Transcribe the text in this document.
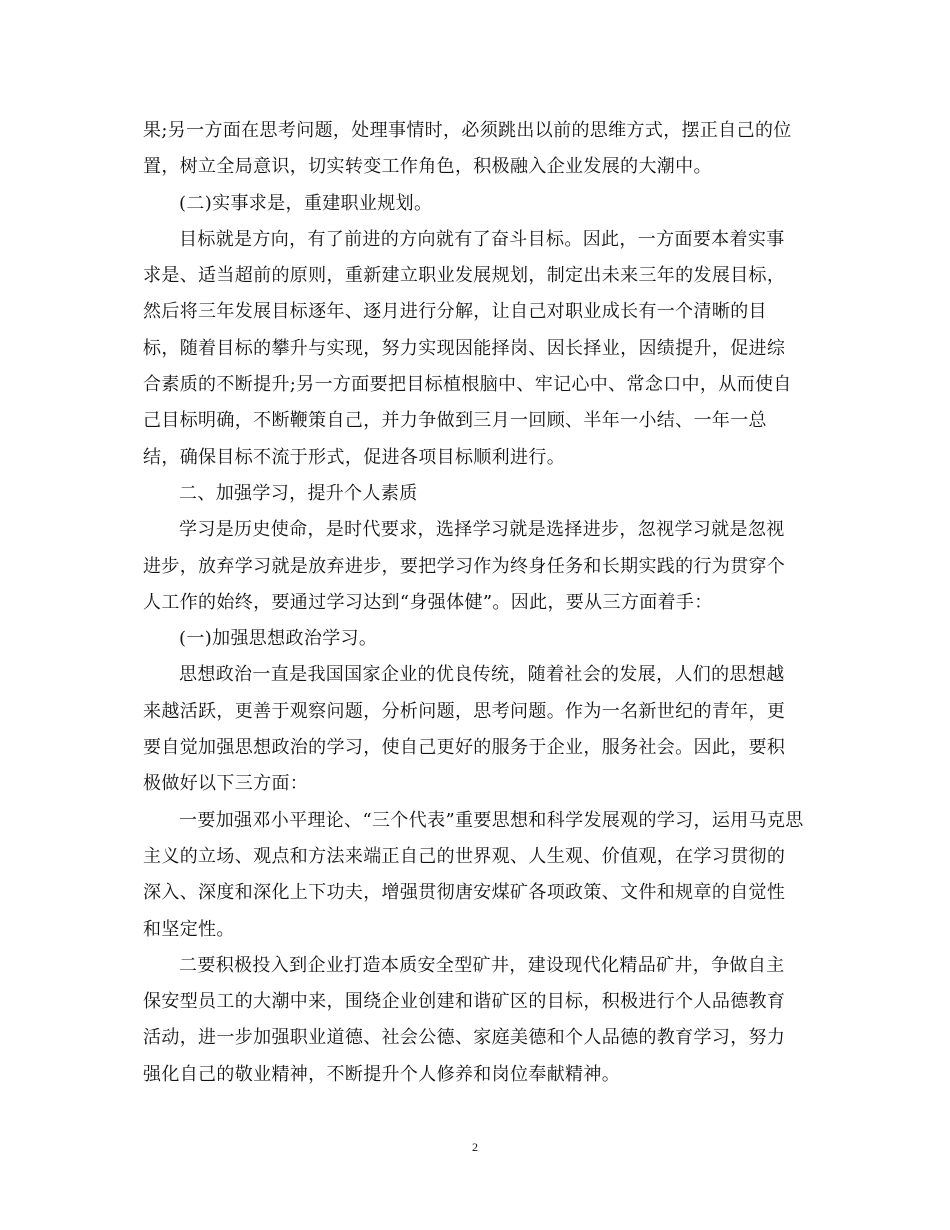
果;另一方面在思考问题，处理事情时，必须跳出以前的思维方式，摆正自己的位
置，树立全局意识，切实转变工作角色，积极融入企业发展的大潮中。
(二)实事求是，重建职业规划。
目标就是方向，有了前进的方向就有了奋斗目标。因此，一方面要本着实事
求是、适当超前的原则，重新建立职业发展规划，制定出未来三年的发展目标，
然后将三年发展目标逐年、逐月进行分解，让自己对职业成长有一个清晰的目
标，随着目标的攀升与实现，努力实现因能择岗、因长择业，因绩提升，促进综
合素质的不断提升;另一方面要把目标植根脑中、牢记心中、常念口中，从而使自
己目标明确，不断鞭策自己，并力争做到三月一回顾、半年一小结、一年一总
结，确保目标不流于形式，促进各项目标顺利进行。
二、加强学习，提升个人素质
学习是历史使命，是时代要求，选择学习就是选择进步，忽视学习就是忽视
进步，放弃学习就是放弃进步，要把学习作为终身任务和长期实践的行为贯穿个
人工作的始终，要通过学习达到“身强体健”。因此，要从三方面着手：
(一)加强思想政治学习。
思想政治一直是我国国家企业的优良传统，随着社会的发展，人们的思想越
来越活跃，更善于观察问题，分析问题，思考问题。作为一名新世纪的青年，更
要自觉加强思想政治的学习，使自己更好的服务于企业，服务社会。因此，要积
极做好以下三方面：
一要加强邓小平理论、“三个代表”重要思想和科学发展观的学习，运用马克思
主义的立场、观点和方法来端正自己的世界观、人生观、价值观，在学习贯彻的
深入、深度和深化上下功夫，增强贯彻唐安煤矿各项政策、文件和规章的自觉性
和坚定性。
二要积极投入到企业打造本质安全型矿井，建设现代化精品矿井，争做自主
保安型员工的大潮中来，围绕企业创建和谐矿区的目标，积极进行个人品德教育
活动，进一步加强职业道德、社会公德、家庭美德和个人品德的教育学习，努力
强化自己的敬业精神，不断提升个人修养和岗位奉献精神。
2
